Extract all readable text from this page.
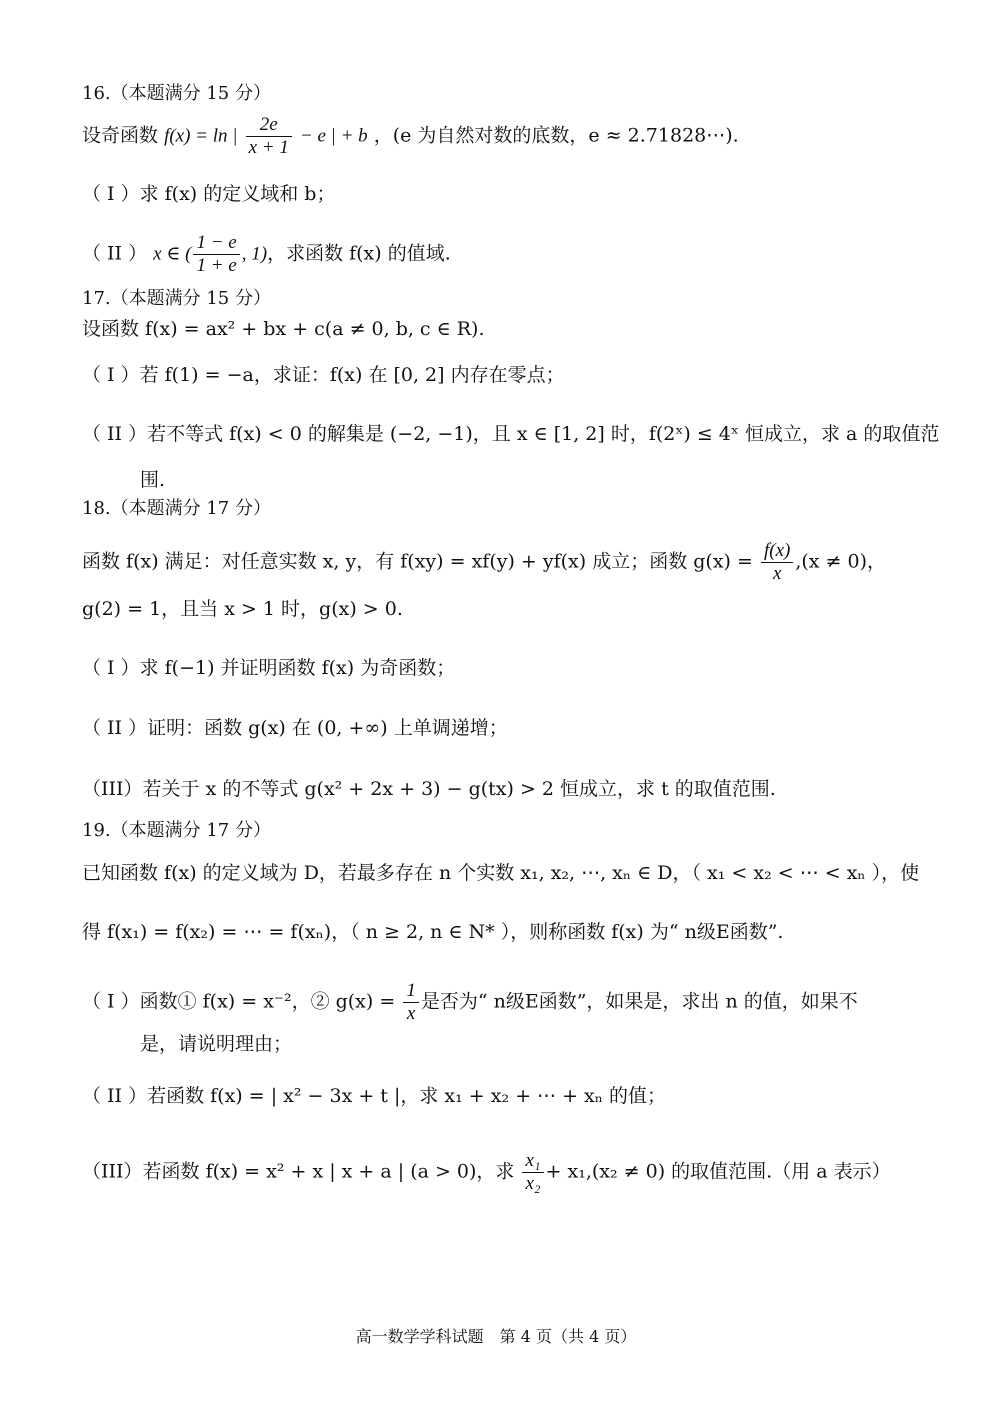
16.（本题满分 15 分）
设奇函数 f(x) = ln | $\frac{2e}{x + 1} - e$ | + b ，(e 为自然对数的底数，e ≈ 2.71828⋯).
（ I ）求 f(x) 的定义域和 b；
（ II ） x ∈ ( $\frac{1 - e}{1 + e}$ , 1)，求函数 f(x) 的值域.
17.（本题满分 15 分）
设函数 f(x) = ax² + bx + c(a ≠ 0, b, c ∈ R).
（ I ）若 f(1) = −a，求证：f(x) 在 [0, 2] 内存在零点；
（ II ）若不等式 f(x) < 0 的解集是 (−2, −1)，且 x ∈ [1, 2] 时，f(2ˣ) ≤ 4ˣ 恒成立，求 a 的取值范
围.
18.（本题满分 17 分）
函数 f(x) 满足：对任意实数 x, y，有 f(xy) = xf(y) + yf(x) 成立；函数 $g(x) = \frac{f(x)}{x} ,(x \ne 0)$，
g(2) = 1，且当 x > 1 时，g(x) > 0.
（ I ）求 f(−1) 并证明函数 f(x) 为奇函数；
（ II ）证明：函数 g(x) 在 (0, +∞) 上单调递增；
（III）若关于 x 的不等式 g(x² + 2x + 3) − g(tx) > 2 恒成立，求 t 的取值范围.
19.（本题满分 17 分）
已知函数 f(x) 的定义域为 D，若最多存在 n 个实数 x₁, x₂, ⋯, xₙ ∈ D，（ x₁ < x₂ < ⋯ < xₙ ），使
得 f(x₁) = f(x₂) = ⋯ = f(xₙ)，（ n ≥ 2, n ∈ N* ），则称函数 f(x) 为“ n级E函数”.
（ I ）函数① f(x) = x⁻²，② $g(x) = \frac{1}{x}$ 是否为“ n级E函数”，如果是，求出 n 的值，如果不
是，请说明理由；
（ II ）若函数 f(x) = | x² − 3x + t |，求 x₁ + x₂ + ⋯ + xₙ 的值；
（III）若函数 f(x) = x² + x | x + a | (a > 0)，求 $\frac{\text{x₁}}{\text{x₂}} + x_1,(x_2 \ne 0)$ 的取值范围.（用 a 表示）
高一数学学科试题　第 4 页（共 4 页）
